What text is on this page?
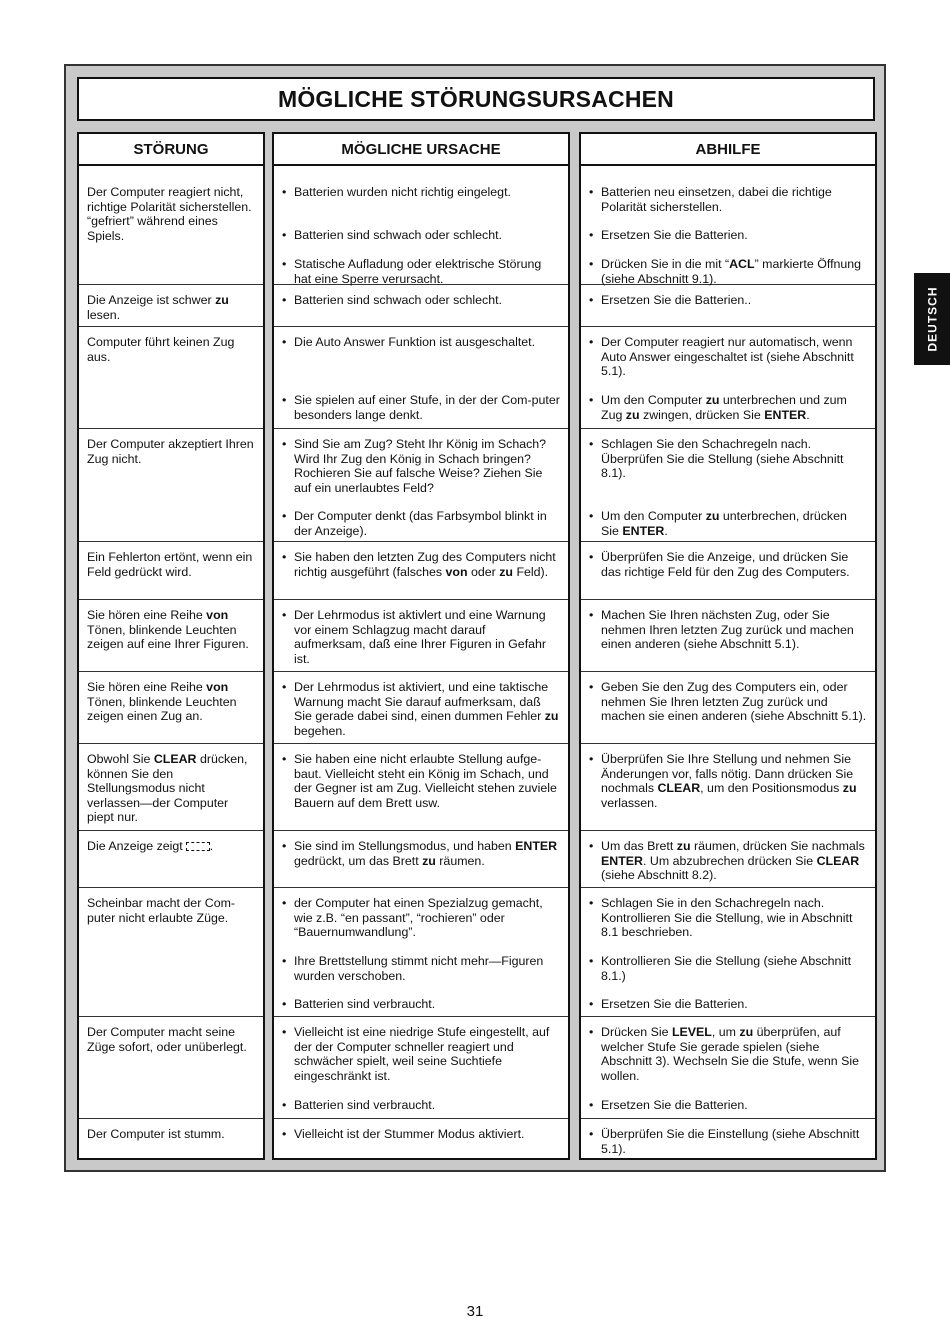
MÖGLICHE STÖRUNGSURSACHEN
STÖRUNG
Der Computer reagiert nicht, richtige Polarität sicherstellen. “gefriert” während eines Spiels.
Die Anzeige ist schwer zu lesen.
Computer führt keinen Zug aus.
Der Computer akzeptiert Ihren Zug nicht.
Ein Fehlerton ertönt, wenn ein Feld gedrückt wird.
Sie hören eine Reihe von Tönen, blinkende Leuchten zeigen auf eine Ihrer Figuren.
Sie hören eine Reihe von Tönen, blinkende Leuchten zeigen einen Zug an.
Obwohl Sie CLEAR drücken, können Sie den Stellungsmodus nicht verlassen—der Computer piept nur.
Die Anzeige zeigt .
Scheinbar macht der Com-puter nicht erlaubte Züge.
Der Computer macht seine Züge sofort, oder unüberlegt.
Der Computer ist stumm.
MÖGLICHE URSACHE
• Batterien wurden nicht richtig eingelegt.
• Batterien sind schwach oder schlecht.
• Statische Aufladung oder elektrische Störung hat eine Sperre verursacht.
• Batterien sind schwach oder schlecht.
• Die Auto Answer Funktion ist ausgeschaltet.
• Sie spielen auf einer Stufe, in der der Com-puter besonders lange denkt.
• Sind Sie am Zug? Steht Ihr König im Schach? Wird Ihr Zug den König in Schach bringen? Rochieren Sie auf falsche Weise? Ziehen Sie auf ein unerlaubtes Feld?
• Der Computer denkt (das Farbsymbol blinkt in der Anzeige).
• Sie haben den letzten Zug des Computers nicht richtig ausgeführt (falsches von oder zu Feld).
• Der Lehrmodus ist aktivlert und eine Warnung vor einem Schlagzug macht darauf aufmerksam, daß eine Ihrer Figuren in Gefahr ist.
• Der Lehrmodus ist aktiviert, und eine taktische Warnung macht Sie darauf aufmerksam, daß Sie gerade dabei sind, einen dummen Fehler zu begehen.
• Sie haben eine nicht erlaubte Stellung aufge-baut. Vielleicht steht ein König im Schach, und der Gegner ist am Zug. Vielleicht stehen zuviele Bauern auf dem Brett usw.
• Sie sind im Stellungsmodus, und haben ENTER gedrückt, um das Brett zu räumen.
• der Computer hat einen Spezialzug gemacht, wie z.B. “en passant”, “rochieren” oder “Bauernumwandlung”.
• Ihre Brettstellung stimmt nicht mehr—Figuren wurden verschoben.
• Batterien sind verbraucht.
• Vielleicht ist eine niedrige Stufe eingestellt, auf der der Computer schneller reagiert und schwächer spielt, weil seine Suchtiefe eingeschränkt ist.
• Batterien sind verbraucht.
• Vielleicht ist der Stummer Modus aktiviert.
ABHILFE
• Batterien neu einsetzen, dabei die richtige Polarität sicherstellen.
• Ersetzen Sie die Batterien.
• Drücken Sie in die mit “ACL” markierte Öffnung (siehe Abschnitt 9.1).
• Ersetzen Sie die Batterien..
• Der Computer reagiert nur automatisch, wenn Auto Answer eingeschaltet ist (siehe Abschnitt 5.1).
• Um den Computer zu unterbrechen und zum Zug zu zwingen, drücken Sie ENTER.
• Schlagen Sie den Schachregeln nach. Überprüfen Sie die Stellung (siehe Abschnitt 8.1).
• Um den Computer zu unterbrechen, drücken Sie ENTER.
• Überprüfen Sie die Anzeige, und drücken Sie das richtige Feld für den Zug des Computers.
• Machen Sie Ihren nächsten Zug, oder Sie nehmen Ihren letzten Zug zurück und machen einen anderen (siehe Abschnitt 5.1).
• Geben Sie den Zug des Computers ein, oder nehmen Sie Ihren letzten Zug zurück und machen sie einen anderen (siehe Abschnitt 5.1).
• Überprüfen Sie Ihre Stellung und nehmen Sie Änderungen vor, falls nötig. Dann drücken Sie nochmals CLEAR, um den Positionsmodus zu verlassen.
• Um das Brett zu räumen, drücken Sie nachmals ENTER. Um abzubrechen drücken Sie CLEAR (siehe Abschnitt 8.2).
• Schlagen Sie in den Schachregeln nach. Kontrollieren Sie die Stellung, wie in Abschnitt 8.1 beschrieben.
• Kontrollieren Sie die Stellung (siehe Abschnitt 8.1.)
• Ersetzen Sie die Batterien.
• Drücken Sie LEVEL, um zu überprüfen, auf welcher Stufe Sie gerade spielen (siehe Abschnitt 3). Wechseln Sie die Stufe, wenn Sie wollen.
• Ersetzen Sie die Batterien.
• Überprüfen Sie die Einstellung (siehe Abschnitt 5.1).
DEUTSCH
31
